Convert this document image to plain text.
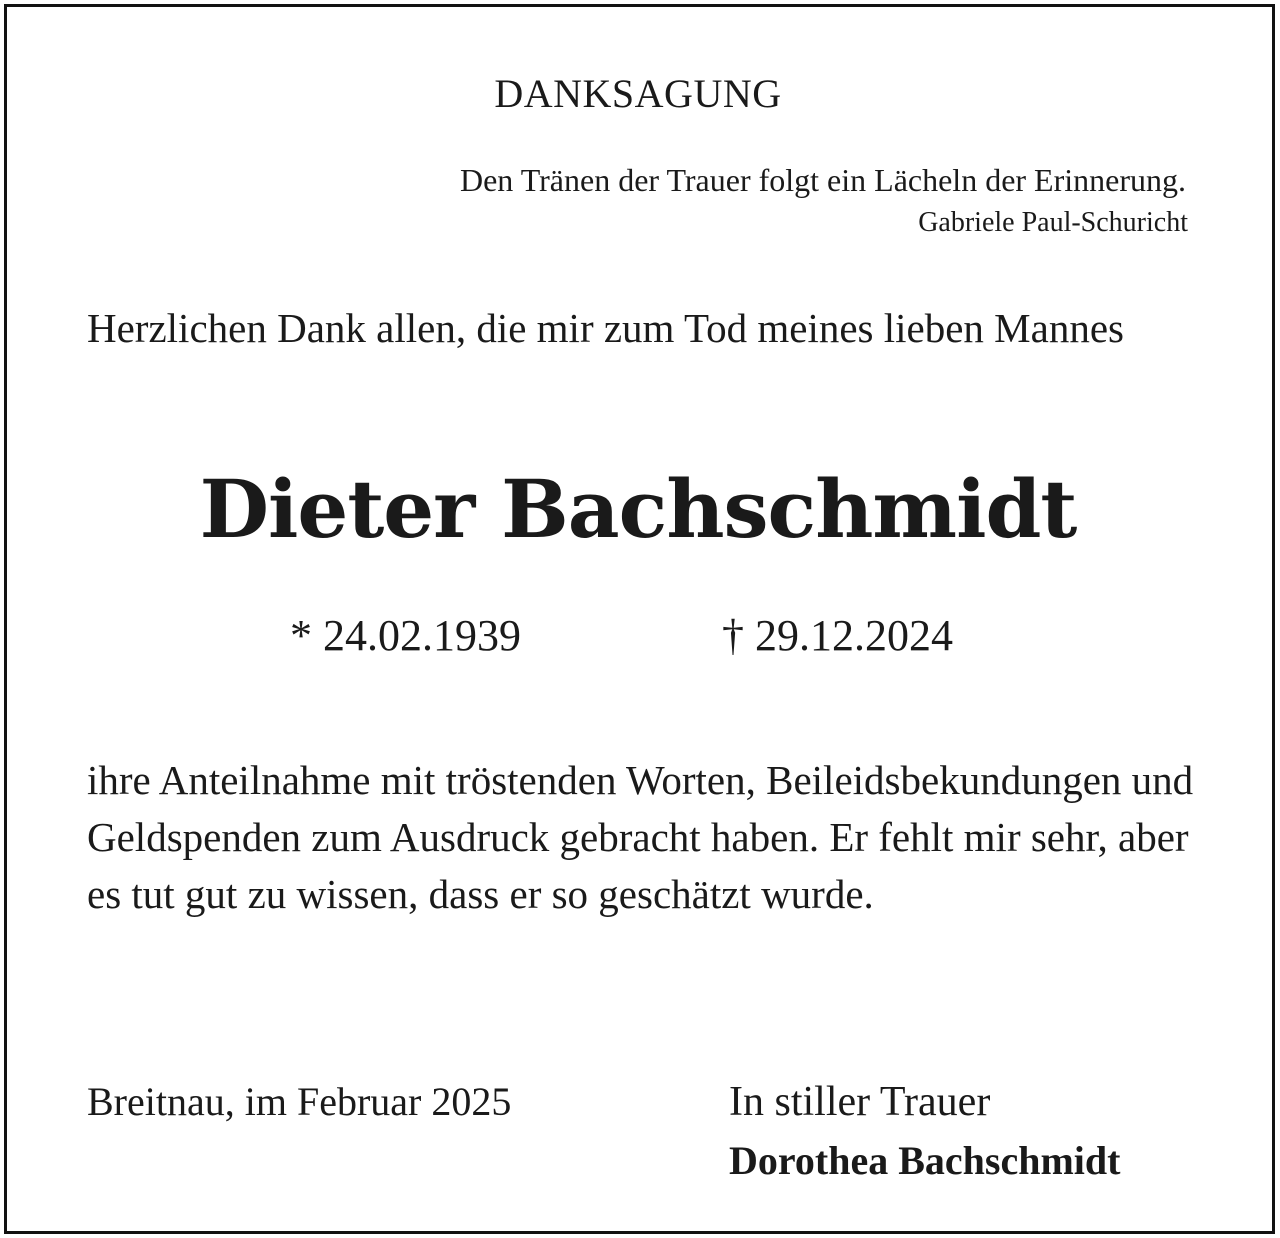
DANKSAGUNG
Den Tränen der Trauer folgt ein Lächeln der Erinnerung.
Gabriele Paul-Schuricht
Herzlichen Dank allen, die mir zum Tod meines lieben Mannes
Dieter Bachschmidt
* 24.02.1939	† 29.12.2024
ihre Anteilnahme mit tröstenden Worten, Beileidsbekundungen und Geldspenden zum Ausdruck gebracht haben. Er fehlt mir sehr, aber es tut gut zu wissen, dass er so geschätzt wurde.
Breitnau, im Februar 2025	In stiller Trauer
Dorothea Bachschmidt
